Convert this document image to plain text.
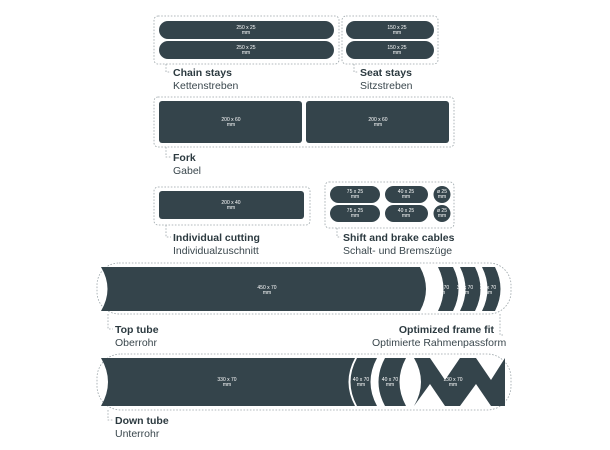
250 x 25
mm
250 x 25
mm
150 x 25
mm
150 x 25
mm
200 x 60
mm
200 x 60
mm
200 x 40
mm
75 x 25
mm
40 x 25
mm
ø 25
mm
75 x 25
mm
40 x 25
mm
ø 25
mm
450 x 70
mm
30 x 70
mm
30 x 70
mm
30 x 70
mm
330 x 70
mm
40 x 70
mm
40 x 70
mm
130 x 70
mm
Chain stays
Kettenstreben
Seat stays
Sitzstreben
Fork
Gabel
Individual cutting
Individualzuschnitt
Shift and brake cables
Schalt- und Bremszüge
Top tube
Oberrohr
Optimized frame fit
Optimierte Rahmenpassform
Down tube
Unterrohr
